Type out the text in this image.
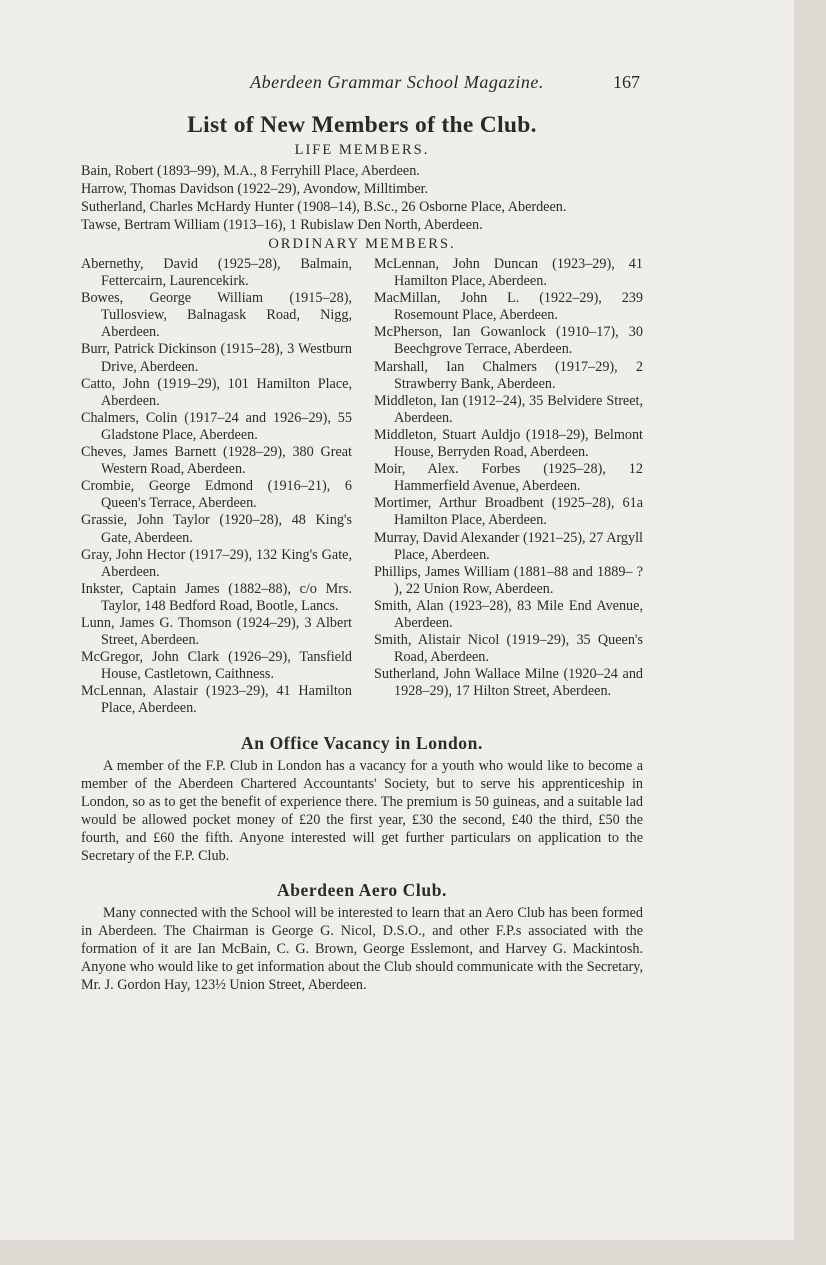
Aberdeen Grammar School Magazine.	167
List of New Members of the Club.
LIFE MEMBERS.
Bain, Robert (1893–99), M.A., 8 Ferryhill Place, Aberdeen.
Harrow, Thomas Davidson (1922–29), Avondow, Milltimber.
Sutherland, Charles McHardy Hunter (1908–14), B.Sc., 26 Osborne Place, Aberdeen.
Tawse, Bertram William (1913–16), 1 Rubislaw Den North, Aberdeen.
ORDINARY MEMBERS.
Abernethy, David (1925–28), Balmain, Fettercairn, Laurencekirk.
Bowes, George William (1915–28), Tullosview, Balnagask Road, Nigg, Aberdeen.
Burr, Patrick Dickinson (1915–28), 3 Westburn Drive, Aberdeen.
Catto, John (1919–29), 101 Hamilton Place, Aberdeen.
Chalmers, Colin (1917–24 and 1926–29), 55 Gladstone Place, Aberdeen.
Cheves, James Barnett (1928–29), 380 Great Western Road, Aberdeen.
Crombie, George Edmond (1916–21), 6 Queen's Terrace, Aberdeen.
Grassie, John Taylor (1920–28), 48 King's Gate, Aberdeen.
Gray, John Hector (1917–29), 132 King's Gate, Aberdeen.
Inkster, Captain James (1882–88), c/o Mrs. Taylor, 148 Bedford Road, Bootle, Lancs.
Lunn, James G. Thomson (1924–29), 3 Albert Street, Aberdeen.
McGregor, John Clark (1926–29), Tansfield House, Castletown, Caithness.
McLennan, Alastair (1923–29), 41 Hamilton Place, Aberdeen.
McLennan, John Duncan (1923–29), 41 Hamilton Place, Aberdeen.
MacMillan, John L. (1922–29), 239 Rosemount Place, Aberdeen.
McPherson, Ian Gowanlock (1910–17), 30 Beechgrove Terrace, Aberdeen.
Marshall, Ian Chalmers (1917–29), 2 Strawberry Bank, Aberdeen.
Middleton, Ian (1912–24), 35 Belvidere Street, Aberdeen.
Middleton, Stuart Auldjo (1918–29), Belmont House, Berryden Road, Aberdeen.
Moir, Alex. Forbes (1925–28), 12 Hammerfield Avenue, Aberdeen.
Mortimer, Arthur Broadbent (1925–28), 61a Hamilton Place, Aberdeen.
Murray, David Alexander (1921–25), 27 Argyll Place, Aberdeen.
Phillips, James William (1881–88 and 1889– ? ), 22 Union Row, Aberdeen.
Smith, Alan (1923–28), 83 Mile End Avenue, Aberdeen.
Smith, Alistair Nicol (1919–29), 35 Queen's Road, Aberdeen.
Sutherland, John Wallace Milne (1920–24 and 1928–29), 17 Hilton Street, Aberdeen.
An Office Vacancy in London.

A member of the F.P. Club in London has a vacancy for a youth who would like to become a member of the Aberdeen Chartered Accountants' Society, but to serve his apprenticeship in London, so as to get the benefit of experience there. The premium is 50 guineas, and a suitable lad would be allowed pocket money of £20 the first year, £30 the second, £40 the third, £50 the fourth, and £60 the fifth. Anyone interested will get further particulars on application to the Secretary of the F.P. Club.

Aberdeen Aero Club.

Many connected with the School will be interested to learn that an Aero Club has been formed in Aberdeen. The Chairman is George G. Nicol, D.S.O., and other F.P.s associated with the formation of it are Ian McBain, C. G. Brown, George Esslemont, and Harvey G. Mackintosh. Anyone who would like to get information about the Club should communicate with the Secretary, Mr. J. Gordon Hay, 123½ Union Street, Aberdeen.
